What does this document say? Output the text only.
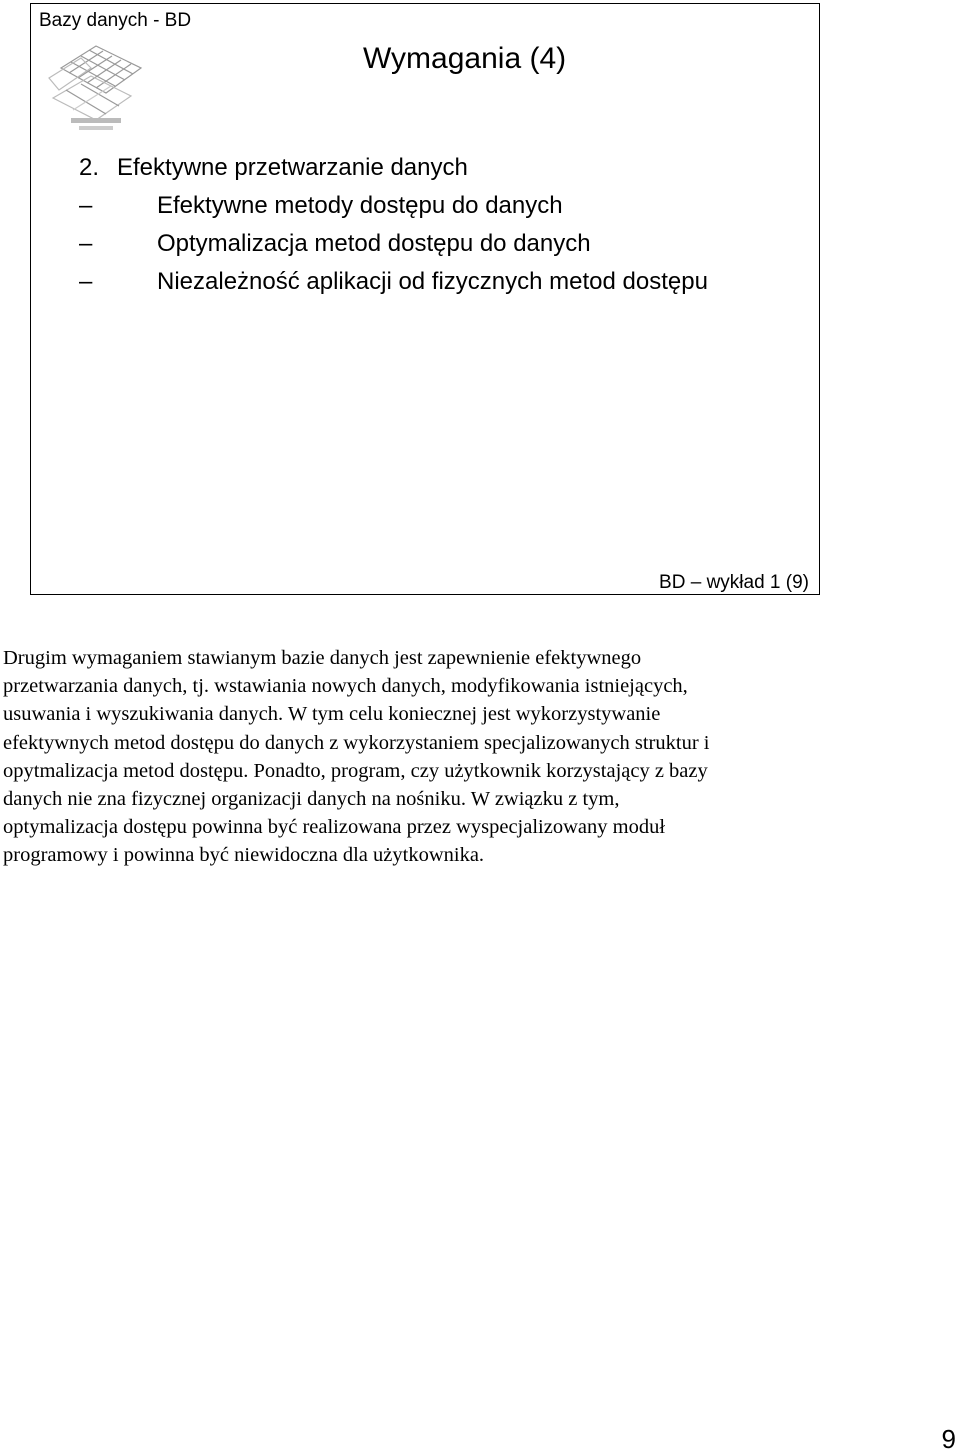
Bazy danych - BD
Wymagania (4)
2. Efektywne przetwarzanie danych
–	Efektywne metody dostępu do danych
–	Optymalizacja metod dostępu do danych
–	Niezależność aplikacji od fizycznych metod dostępu
BD – wykład 1 (9)

Drugim wymaganiem stawianym bazie danych jest zapewnienie efektywnego

przetwarzania danych, tj. wstawiania nowych danych, modyfikowania istniejących,

usuwania i wyszukiwania danych. W tym celu koniecznej jest wykorzystywanie

efektywnych metod dostępu do danych z wykorzystaniem specjalizowanych struktur i

opytmalizacja metod dostępu. Ponadto, program, czy użytkownik korzystający z bazy

danych nie zna fizycznej organizacji danych na nośniku. W związku z tym,

optymalizacja dostępu powinna być realizowana przez wyspecjalizowany moduł

programowy i powinna być niewidoczna dla użytkownika.

9
